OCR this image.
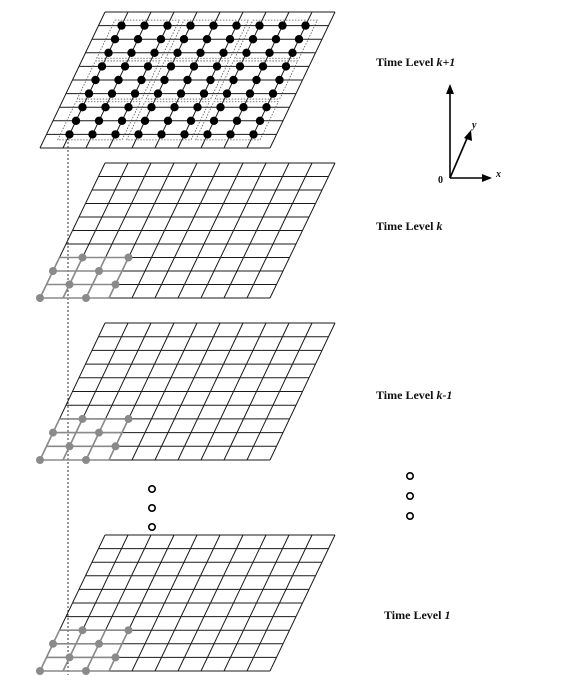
Time Level k+1
Time Level k
Time Level k-1
Time Level 1
0
x
y
